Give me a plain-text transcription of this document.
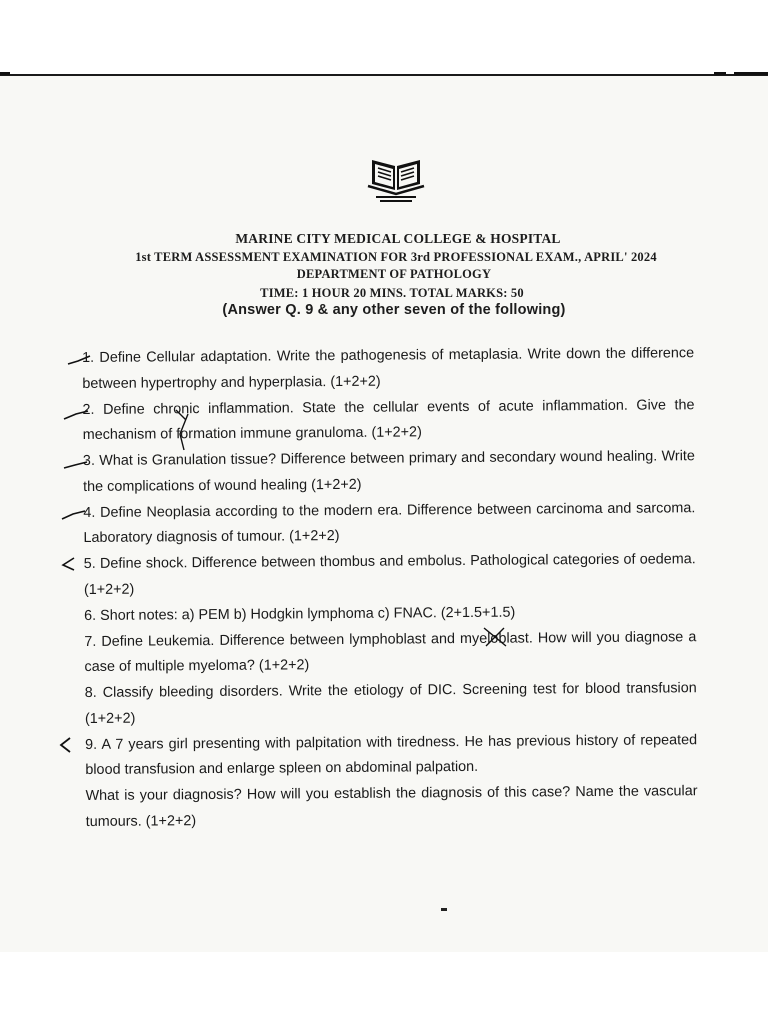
MARINE CITY MEDICAL COLLEGE & HOSPITAL
1st TERM ASSESSMENT EXAMINATION FOR 3rd PROFESSIONAL EXAM., APRIL' 2024
DEPARTMENT OF PATHOLOGY
TIME: 1 HOUR 20 MINS. TOTAL MARKS: 50
(Answer Q. 9 & any other seven of the following)

1. Define Cellular adaptation. Write the pathogenesis of metaplasia. Write down the difference between hypertrophy and hyperplasia. (1+2+2)

2. Define chronic inflammation. State the cellular events of acute inflammation. Give the mechanism of formation immune granuloma. (1+2+2)

3. What is Granulation tissue? Difference between primary and secondary wound healing. Write the complications of wound healing (1+2+2)

4. Define Neoplasia according to the modern era. Difference between carcinoma and sarcoma. Laboratory diagnosis of tumour. (1+2+2)

5. Define shock. Difference between thombus and embolus. Pathological categories of oedema. (1+2+2)

6. Short notes: a) PEM b) Hodgkin lymphoma c) FNAC. (2+1.5+1.5)

7. Define Leukemia. Difference between lymphoblast and myeloblast. How will you diagnose a case of multiple myeloma? (1+2+2)

8. Classify bleeding disorders. Write the etiology of DIC. Screening test for blood transfusion (1+2+2)

9. A 7 years girl presenting with palpitation with tiredness. He has previous history of repeated blood transfusion and enlarge spleen on abdominal palpation.

What is your diagnosis? How will you establish the diagnosis of this case? Name the vascular tumours. (1+2+2)
